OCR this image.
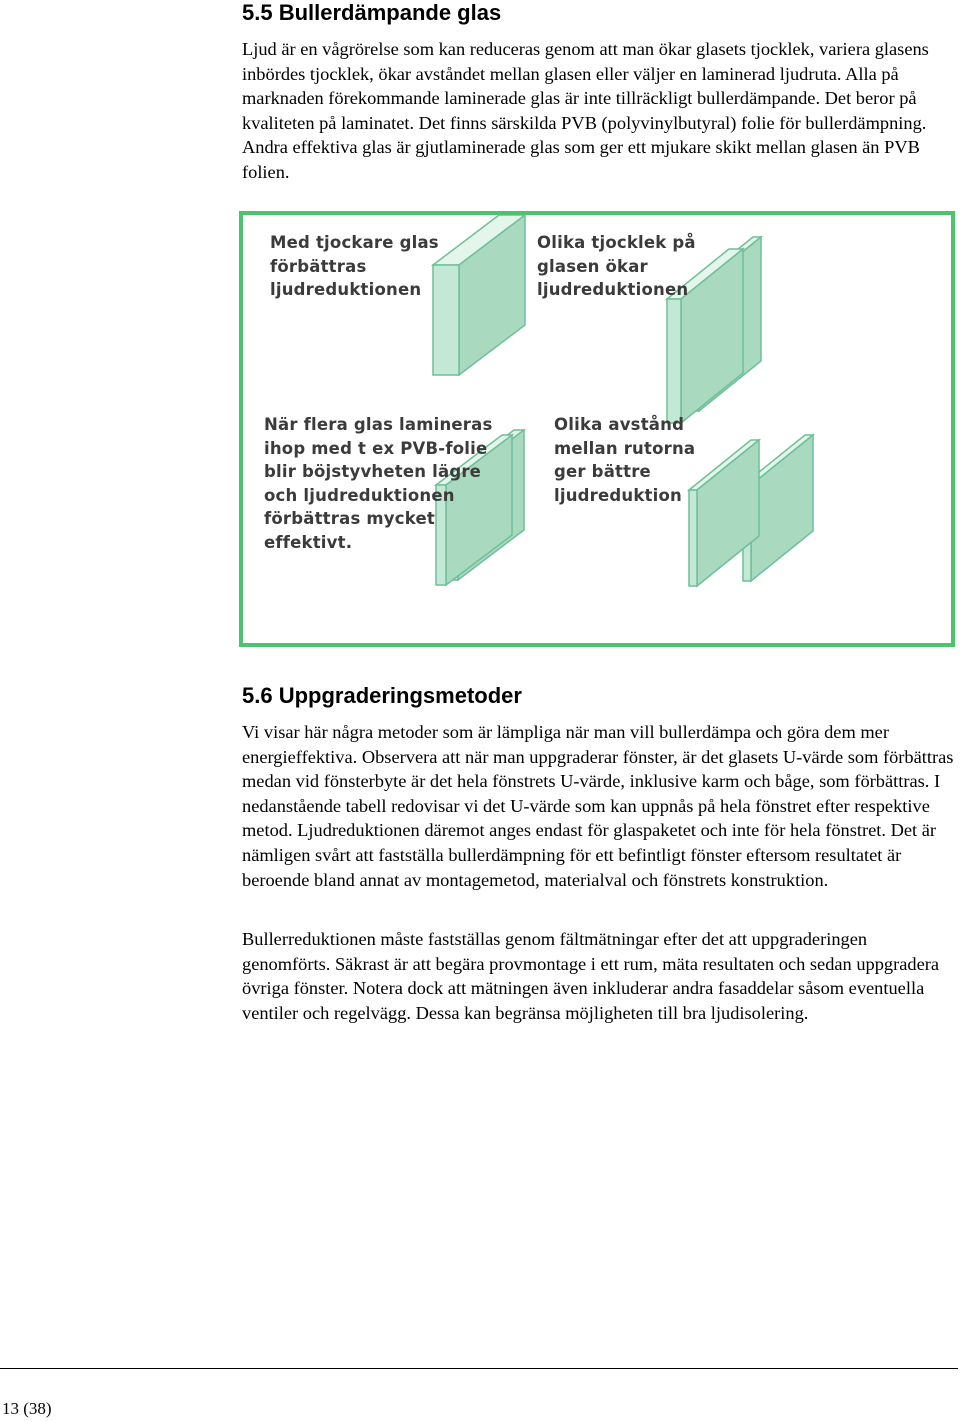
5.5 Bullerdämpande glas

Ljud är en vågrörelse som kan reduceras genom att man ökar glasets tjocklek, variera glasens inbördes tjocklek, ökar avståndet mellan glasen eller väljer en laminerad ljudruta. Alla på marknaden förekommande laminerade glas är inte tillräckligt bullerdämpande. Det beror på kvaliteten på laminatet. Det finns särskilda PVB (polyvinylbutyral) folie för bullerdämpning. Andra effektiva glas är gjutlaminerade glas som ger ett mjukare skikt mellan glasen än PVB folien.

Med tjockare glas förbättras ljudreduktionen

Olika tjocklek på glasen ökar ljudreduktionen

När flera glas lamineras ihop med t ex PVB-folie blir böjstyvheten lägre och ljudreduktionen förbättras mycket effektivt.

Olika avstånd mellan rutorna ger bättre ljudreduktion

5.6 Uppgraderingsmetoder

Vi visar här några metoder som är lämpliga när man vill bullerdämpa och göra dem mer energieffektiva. Observera att när man uppgraderar fönster, är det glasets U-värde som förbättras medan vid fönsterbyte är det hela fönstrets U-värde, inklusive karm och båge, som förbättras. I nedanstående tabell redovisar vi det U-värde som kan uppnås på hela fönstret efter respektive metod. Ljudreduktionen däremot anges endast för glaspaketet och inte för hela fönstret. Det är nämligen svårt att fastställa bullerdämpning för ett befintligt fönster eftersom resultatet är beroende bland annat av montagemetod, materialval och fönstrets konstruktion.

Bullerreduktionen måste fastställas genom fältmätningar efter det att uppgraderingen genomförts. Säkrast är att begära provmontage i ett rum, mäta resultaten och sedan uppgradera övriga fönster. Notera dock att mätningen även inkluderar andra fasaddelar såsom eventuella ventiler och regelvägg. Dessa kan begränsa möjligheten till bra ljudisolering.

13 (38)
